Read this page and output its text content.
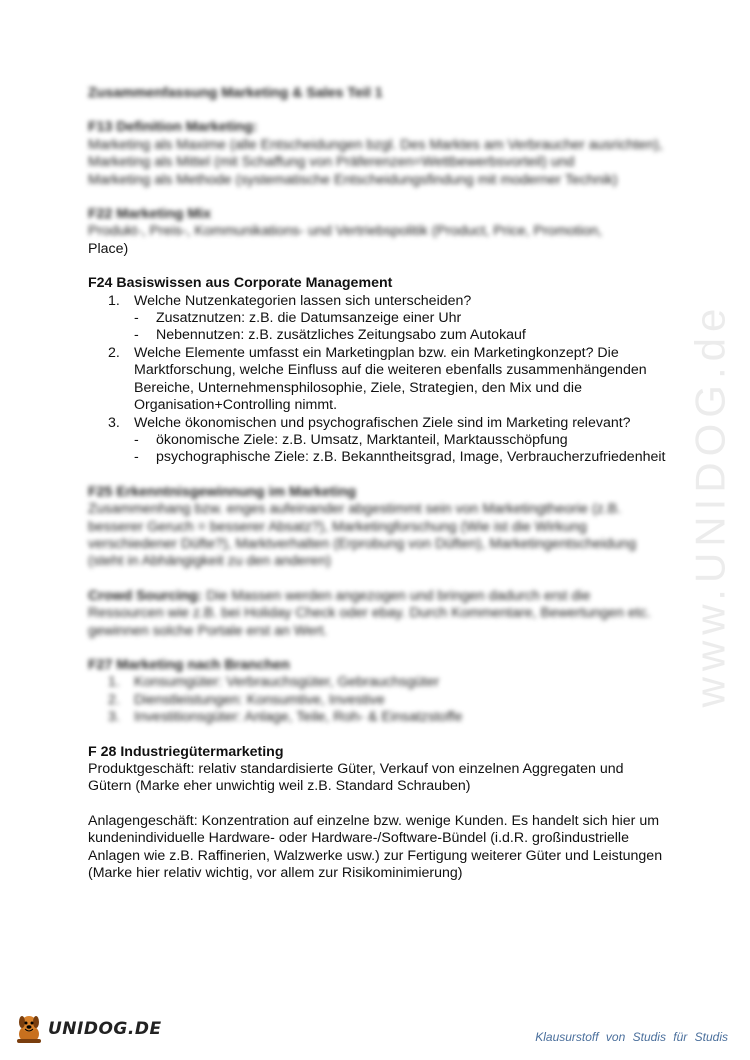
www.UNIDOG.de

Zusammenfassung Marketing & Sales Teil 1

F13 Definition Marketing:

Marketing als Maxime (alle Entscheidungen bzgl. Des Marktes am Verbraucher ausrichten),

Marketing als Mittel (mit Schaffung von Präferenzen=Wettbewerbsvorteil) und

Marketing als Methode (systematische Entscheidungsfindung mit moderner Technik)

F22 Marketing Mix

Produkt-, Preis-, Kommunikations- und Vertriebspolitik (Product, Price, Promotion,

Place)

F24 Basiswissen aus Corporate Management
1. Welche Nutzenkategorien lassen sich unterscheiden?

-	Zusatznutzen: z.B. die Datumsanzeige einer Uhr
-	Nebennutzen: z.B. zusätzliches Zeitungsabo zum Autokauf
2. Welche Elemente umfasst ein Marketingplan bzw. ein Marketingkonzept? Die Marktforschung, welche Einfluss auf die weiteren ebenfalls zusammenhängenden Bereiche, Unternehmensphilosophie, Ziele, Strategien, den Mix und die Organisation+Controlling nimmt.

3. Welche ökonomischen und psychografischen Ziele sind im Marketing relevant?

-	ökonomische Ziele: z.B. Umsatz, Marktanteil, Marktausschöpfung
-	psychographische Ziele: z.B. Bekanntheitsgrad, Image, Verbraucherzufriedenheit
F25 Erkenntnisgewinnung im Marketing

Zusammenhang bzw. enges aufeinander abgestimmt sein von Marketingtheorie (z.B. besserer Geruch = besserer Absatz?), Marketingforschung (Wie ist die Wirkung verschiedener Düfte?), Marktverhalten (Erprobung von Düften), Marketingentscheidung (steht in Abhängigkeit zu den anderen)

Crowd Sourcing: Die Massen werden angezogen und bringen dadurch erst die Ressourcen wie z.B. bei Holiday Check oder ebay. Durch Kommentare, Bewertungen etc. gewinnen solche Portale erst an Wert.

F27 Marketing nach Branchen
1. Konsumgüter: Verbrauchsgüter, Gebrauchsgüter
2. Dienstleistungen: Konsumtive, Investive
3. Investitionsgüter: Anlage, Teile, Roh- & Einsatzstoffe
F 28 Industriegütermarketing

Produktgeschäft: relativ standardisierte Güter, Verkauf von einzelnen Aggregaten und Gütern (Marke eher unwichtig weil z.B. Standard Schrauben)

Anlagengeschäft: Konzentration auf einzelne bzw. wenige Kunden. Es handelt sich hier um kundenindividuelle Hardware- oder Hardware-/Software-Bündel (i.d.R. großindustrielle Anlagen wie z.B. Raffinerien, Walzwerke usw.) zur Fertigung weiterer Güter und Leistungen (Marke hier relativ wichtig, vor allem zur Risikominimierung)

UNIDOG.DE	Klausurstoff von Studis für Studis
